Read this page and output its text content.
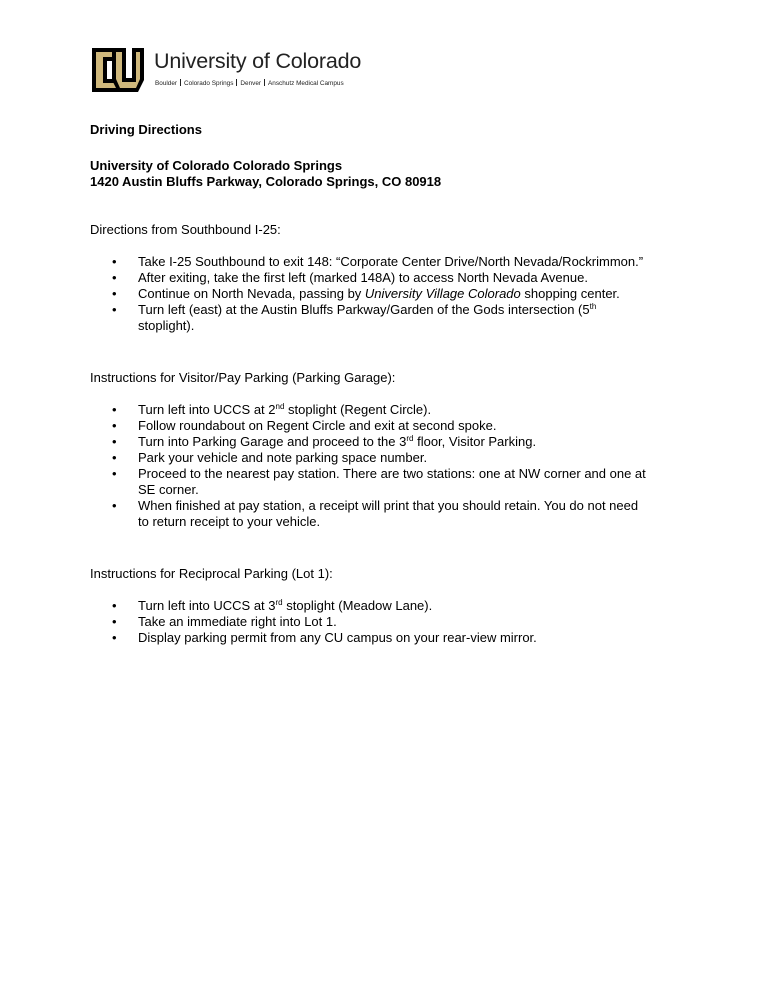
University of Colorado
Boulder Colorado Springs Denver Anschutz Medical Campus
Driving Directions
University of Colorado Colorado Springs
1420 Austin Bluffs Parkway, Colorado Springs, CO 80918
Directions from Southbound I-25:
• Take I-25 Southbound to exit 148: “Corporate Center Drive/North Nevada/Rockrimmon.”
• After exiting, take the first left (marked 148A) to access North Nevada Avenue.
• Continue on North Nevada, passing by University Village Colorado shopping center.
• Turn left (east) at the Austin Bluffs Parkway/Garden of the Gods intersection (5th
stoplight).
Instructions for Visitor/Pay Parking (Parking Garage):
• Turn left into UCCS at 2nd stoplight (Regent Circle).
• Follow roundabout on Regent Circle and exit at second spoke.
• Turn into Parking Garage and proceed to the 3rd floor, Visitor Parking.
• Park your vehicle and note parking space number.
• Proceed to the nearest pay station. There are two stations: one at NW corner and one at
SE corner.
• When finished at pay station, a receipt will print that you should retain. You do not need
to return receipt to your vehicle.
Instructions for Reciprocal Parking (Lot 1):
• Turn left into UCCS at 3rd stoplight (Meadow Lane).
• Take an immediate right into Lot 1.
• Display parking permit from any CU campus on your rear-view mirror.
